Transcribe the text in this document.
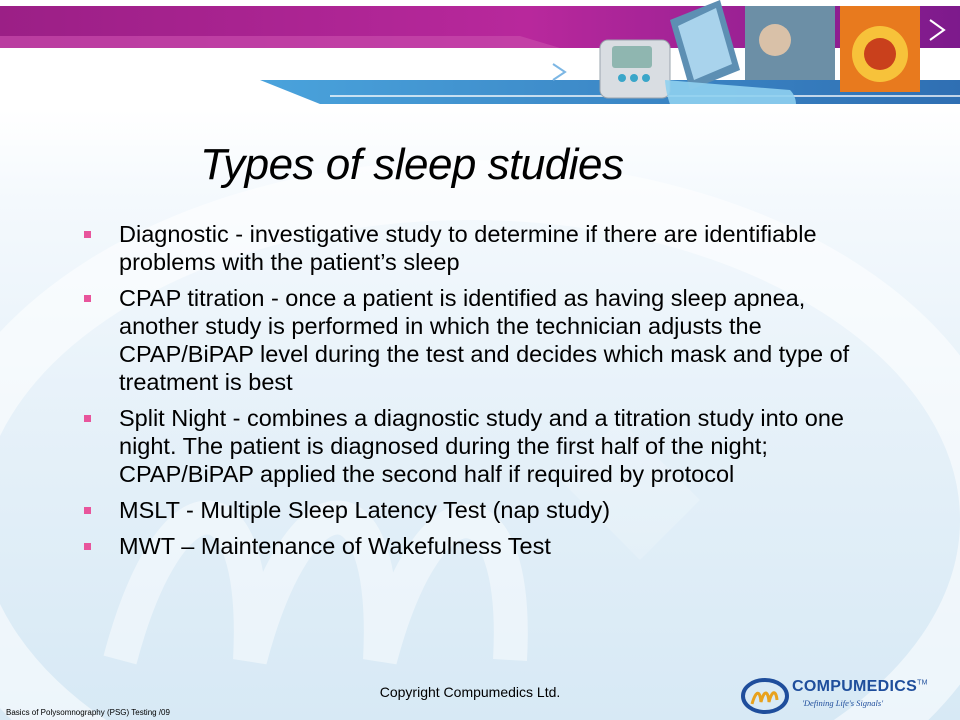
Types of sleep studies
Diagnostic - investigative study to determine if there are identifiable problems with the patient’s sleep
CPAP titration - once a patient is identified as having sleep apnea, another study is performed in which the technician adjusts the CPAP/BiPAP level during the test and decides which mask and type of treatment is best
Split Night - combines a diagnostic study and a titration study into one night. The patient is diagnosed during the first half of the night; CPAP/BiPAP applied the second half if required by protocol
MSLT - Multiple Sleep Latency Test (nap study)
MWT – Maintenance of Wakefulness Test
Copyright Compumedics Ltd.
Basics of Polysomnography (PSG) Testing /09
COMPUMEDICS™
'Defining Life's Signals'
